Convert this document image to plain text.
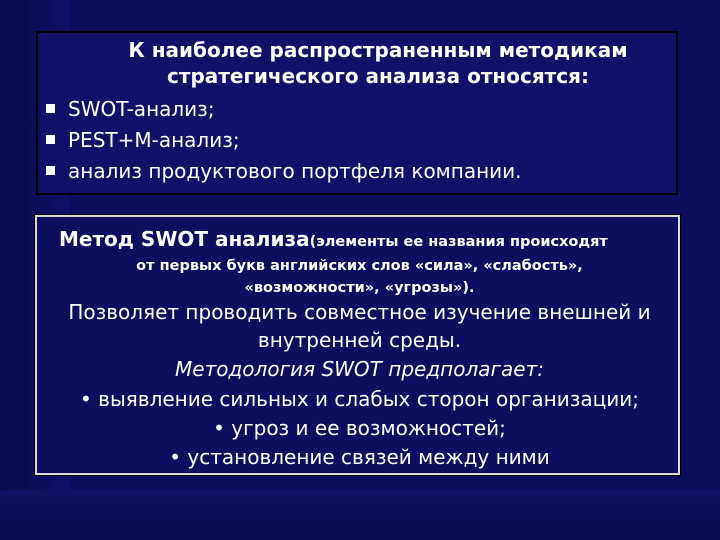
К наиболее распространенным методикам
стратегического анализа относятся:
SWOT-анализ;
PEST+M-анализ;
анализ продуктового портфеля компании.
Метод SWOT анализа(элементы ее названия происходят
от первых букв английских слов «сила», «слабость»,
«возможности», «угрозы»).
Позволяет проводить совместное изучение внешней и
внутренней среды.
Методология SWOT предполагает:
• выявление сильных и слабых сторон организации;
• угроз и ее возможностей;
• установление связей между ними
